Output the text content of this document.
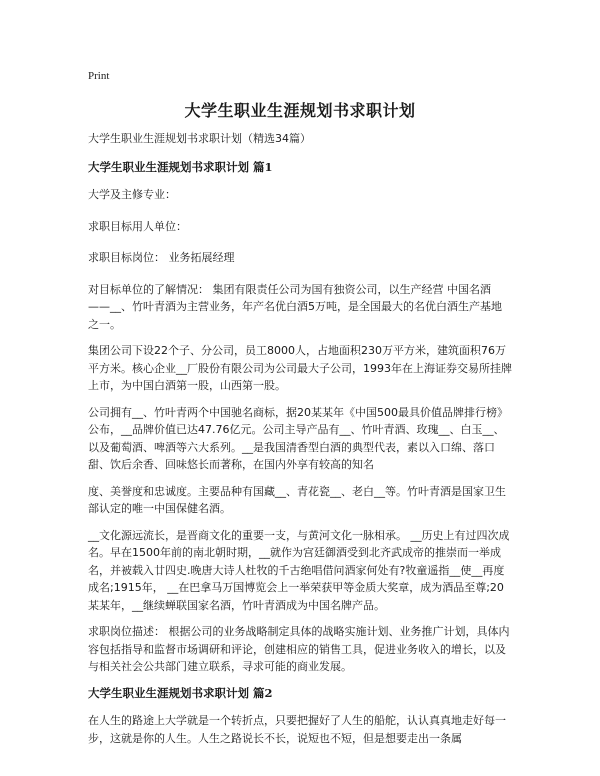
Print
大学生职业生涯规划书求职计划

大学生职业生涯规划书求职计划（精选34篇）

大学生职业生涯规划书求职计划 篇1

大学及主修专业：

求职目标用人单位：

求职目标岗位： 业务拓展经理

对目标单位的了解情况： 集团有限责任公司为国有独资公司，以生产经营 中国名酒——__、竹叶青酒为主营业务，年产名优白酒5万吨，是全国最大的名优白酒生产基地之一。

集团公司下设22个子、分公司，员工8000人，占地面积230万平方米，建筑面积76万平方米。核心企业__厂股份有限公司为公司最大子公司，1993年在上海证券交易所挂牌上市，为中国白酒第一股，山西第一股。

公司拥有__、竹叶青两个中国驰名商标，据20某某年《中国500最具价值品牌排行榜》公布，__品牌价值已达47.76亿元。公司主导产品有__、竹叶青酒、玫瑰__、白玉__、以及葡萄酒、啤酒等六大系列。__是我国清香型白酒的典型代表，素以入口绵、落口甜、饮后余香、回味悠长而著称，在国内外享有较高的知名

度、美誉度和忠诚度。主要品种有国藏__、青花瓷__、老白__等。竹叶青酒是国家卫生部认定的唯一中国保健名酒。

__文化源远流长，是晋商文化的重要一支，与黄河文化一脉相承。 __历史上有过四次成名。早在1500年前的南北朝时期，__就作为宫廷御酒受到北齐武成帝的推崇而一举成名，并被载入廿四史.晚唐大诗人杜牧的千古绝唱借问酒家何处有?牧童遥指__使__再度成名;1915年， __在巴拿马万国博览会上一举荣获甲等金质大奖章，成为酒品至尊;20某某年，__继续蝉联国家名酒，竹叶青酒成为中国名牌产品。

求职岗位描述： 根据公司的业务战略制定具体的战略实施计划、业务推广计划，具体内容包括指导和监督市场调研和评论，创建相应的销售工具，促进业务收入的增长，以及与相关社会公共部门建立联系，寻求可能的商业发展。

大学生职业生涯规划书求职计划 篇2

在人生的路途上大学就是一个转折点，只要把握好了人生的船舵，认认真真地走好每一步，这就是你的人生。人生之路说长不长，说短也不短，但是想要走出一条属
